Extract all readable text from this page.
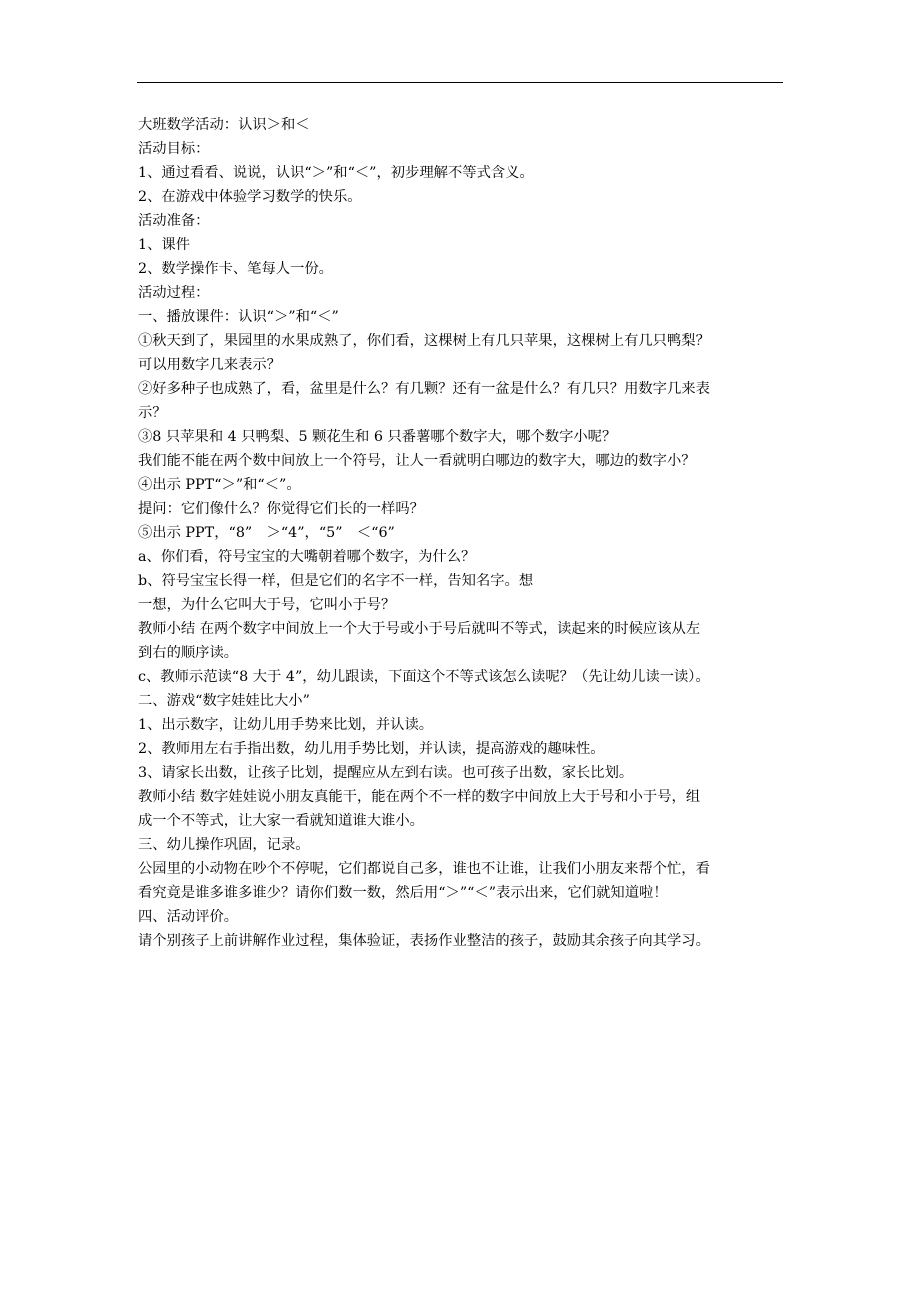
大班数学活动：认识＞和＜

活动目标：

1、通过看看、说说，认识“＞”和“＜”，初步理解不等式含义。

2、在游戏中体验学习数学的快乐。

活动准备：

1、课件

2、数学操作卡、笔每人一份。

活动过程：

一、播放课件：认识“＞”和“＜”

①秋天到了，果园里的水果成熟了，你们看，这棵树上有几只苹果，这棵树上有几只鸭梨？

可以用数字几来表示？

②好多种子也成熟了，看，盆里是什么？有几颗？还有一盆是什么？有几只？用数字几来表

示？

③8 只苹果和 4 只鸭梨、5 颗花生和 6 只番薯哪个数字大，哪个数字小呢？

我们能不能在两个数中间放上一个符号，让人一看就明白哪边的数字大，哪边的数字小？

④出示 PPT“＞”和“＜”。

提问：它们像什么？你觉得它们长的一样吗？

⑤出示 PPT，“8”　＞“4”，“5”　＜“6”

a、你们看，符号宝宝的大嘴朝着哪个数字，为什么？

b、符号宝宝长得一样，但是它们的名字不一样，告知名字。想

一想，为什么它叫大于号，它叫小于号？

教师小结 在两个数字中间放上一个大于号或小于号后就叫不等式，读起来的时候应该从左

到右的顺序读。

c、教师示范读“8 大于 4”，幼儿跟读，下面这个不等式该怎么读呢？（先让幼儿读一读）。

二、游戏“数字娃娃比大小”

1、出示数字，让幼儿用手势来比划，并认读。

2、教师用左右手指出数，幼儿用手势比划，并认读，提高游戏的趣味性。

3、请家长出数，让孩子比划，提醒应从左到右读。也可孩子出数，家长比划。

教师小结 数字娃娃说小朋友真能干，能在两个不一样的数字中间放上大于号和小于号，组

成一个不等式，让大家一看就知道谁大谁小。

三、幼儿操作巩固，记录。

公园里的小动物在吵个不停呢，它们都说自己多，谁也不让谁，让我们小朋友来帮个忙，看

看究竟是谁多谁多谁少？请你们数一数，然后用“＞”“＜”表示出来，它们就知道啦！

四、活动评价。

请个别孩子上前讲解作业过程，集体验证，表扬作业整洁的孩子，鼓励其余孩子向其学习。
